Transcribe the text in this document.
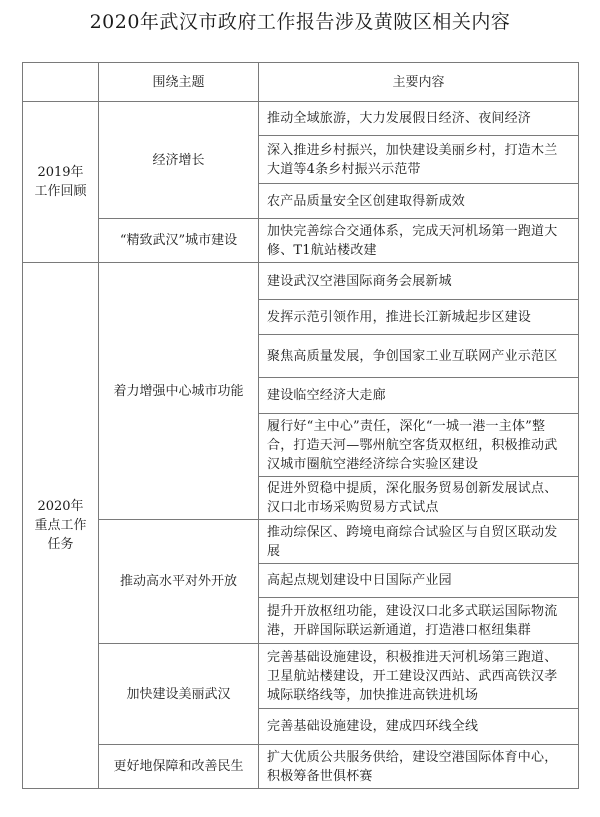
2020年武汉市政府工作报告涉及黄陂区相关内容
	围绕主题	主要内容
2019年工作回顾	经济增长	推动全域旅游，大力发展假日经济、夜间经济
		深入推进乡村振兴，加快建设美丽乡村，打造木兰大道等4条乡村振兴示范带
		农产品质量安全区创建取得新成效
	“精致武汉”城市建设	加快完善综合交通体系，完成天河机场第一跑道大修、T1航站楼改建
2020年重点工作任务	着力增强中心城市功能	建设武汉空港国际商务会展新城
		发挥示范引领作用，推进长江新城起步区建设
		聚焦高质量发展，争创国家工业互联网产业示范区
		建设临空经济大走廊
		履行好“主中心”责任，深化“一城一港一主体”整合，打造天河—鄂州航空客货双枢纽，积极推动武汉城市圈航空港经济综合实验区建设
		促进外贸稳中提质，深化服务贸易创新发展试点、汉口北市场采购贸易方式试点
	推动高水平对外开放	推动综保区、跨境电商综合试验区与自贸区联动发展
		高起点规划建设中日国际产业园
		提升开放枢纽功能，建设汉口北多式联运国际物流港，开辟国际联运新通道，打造港口枢纽集群
	加快建设美丽武汉	完善基础设施建设，积极推进天河机场第三跑道、卫星航站楼建设，开工建设汉西站、武西高铁汉孝城际联络线等，加快推进高铁进机场
		完善基础设施建设，建成四环线全线
	更好地保障和改善民生	扩大优质公共服务供给，建设空港国际体育中心，积极筹备世俱杯赛
